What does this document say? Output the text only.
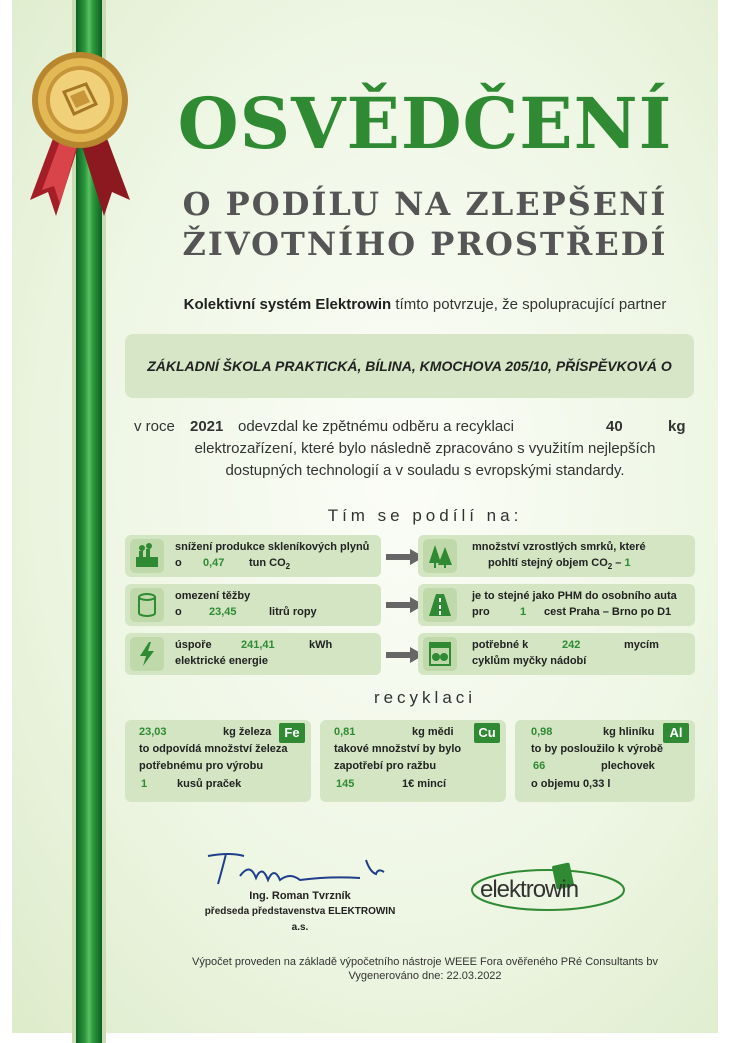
OSVĚDČENÍ
O PODÍLU NA ZLEPŠENÍ
ŽIVOTNÍHO PROSTŘEDÍ
Kolektivní systém Elektrowin tímto potvrzuje, že spolupracující partner
ZÁKLADNÍ ŠKOLA PRAKTICKÁ, BÍLINA, KMOCHOVA 205/10, PŘÍSPĚVKOVÁ O
v roce 2021 odevzdal ke zpětnému odběru a recyklaci	40	kg
elektrozařízení, které bylo následně zpracováno s využitím nejlepších
dostupných technologií a v souladu s evropskými standardy.
Tím se podílí na:
snížení produkce skleníkových plynů
o 0,47 tun $CO_2$
množství vzrostlých smrků, které
pohltí stejný objem $CO_2 - 1$
omezení těžby
o 23,45	litrů ropy
je to stejné jako PHM do osobního auta
pro	1 cest Praha – Brno po D1
úspoře	241,41	kWh
elektrické energie
potřebné k	242	mycím
cyklům myčky nádobí
recyklaci
Fe
23,03	kg železa
to odpovídá množství železa
potřebnému pro výrobu
1	kusů praček
Cu
0,81	kg mědi
takové množství by bylo
zapotřebí pro ražbu
145	1€ mincí
Al
0,98	kg hliníku
to by posloužilo k výrobě
66	plechovek
o objemu 0,33 l
Ing. Roman Tvrzník
předseda představenstva ELEKTROWIN a.s.
elektrowin
Výpočet proveden na základě výpočetního nástroje WEEE Fora ověřeného PRé Consultants bv
Vygenerováno dne: 22.03.2022
